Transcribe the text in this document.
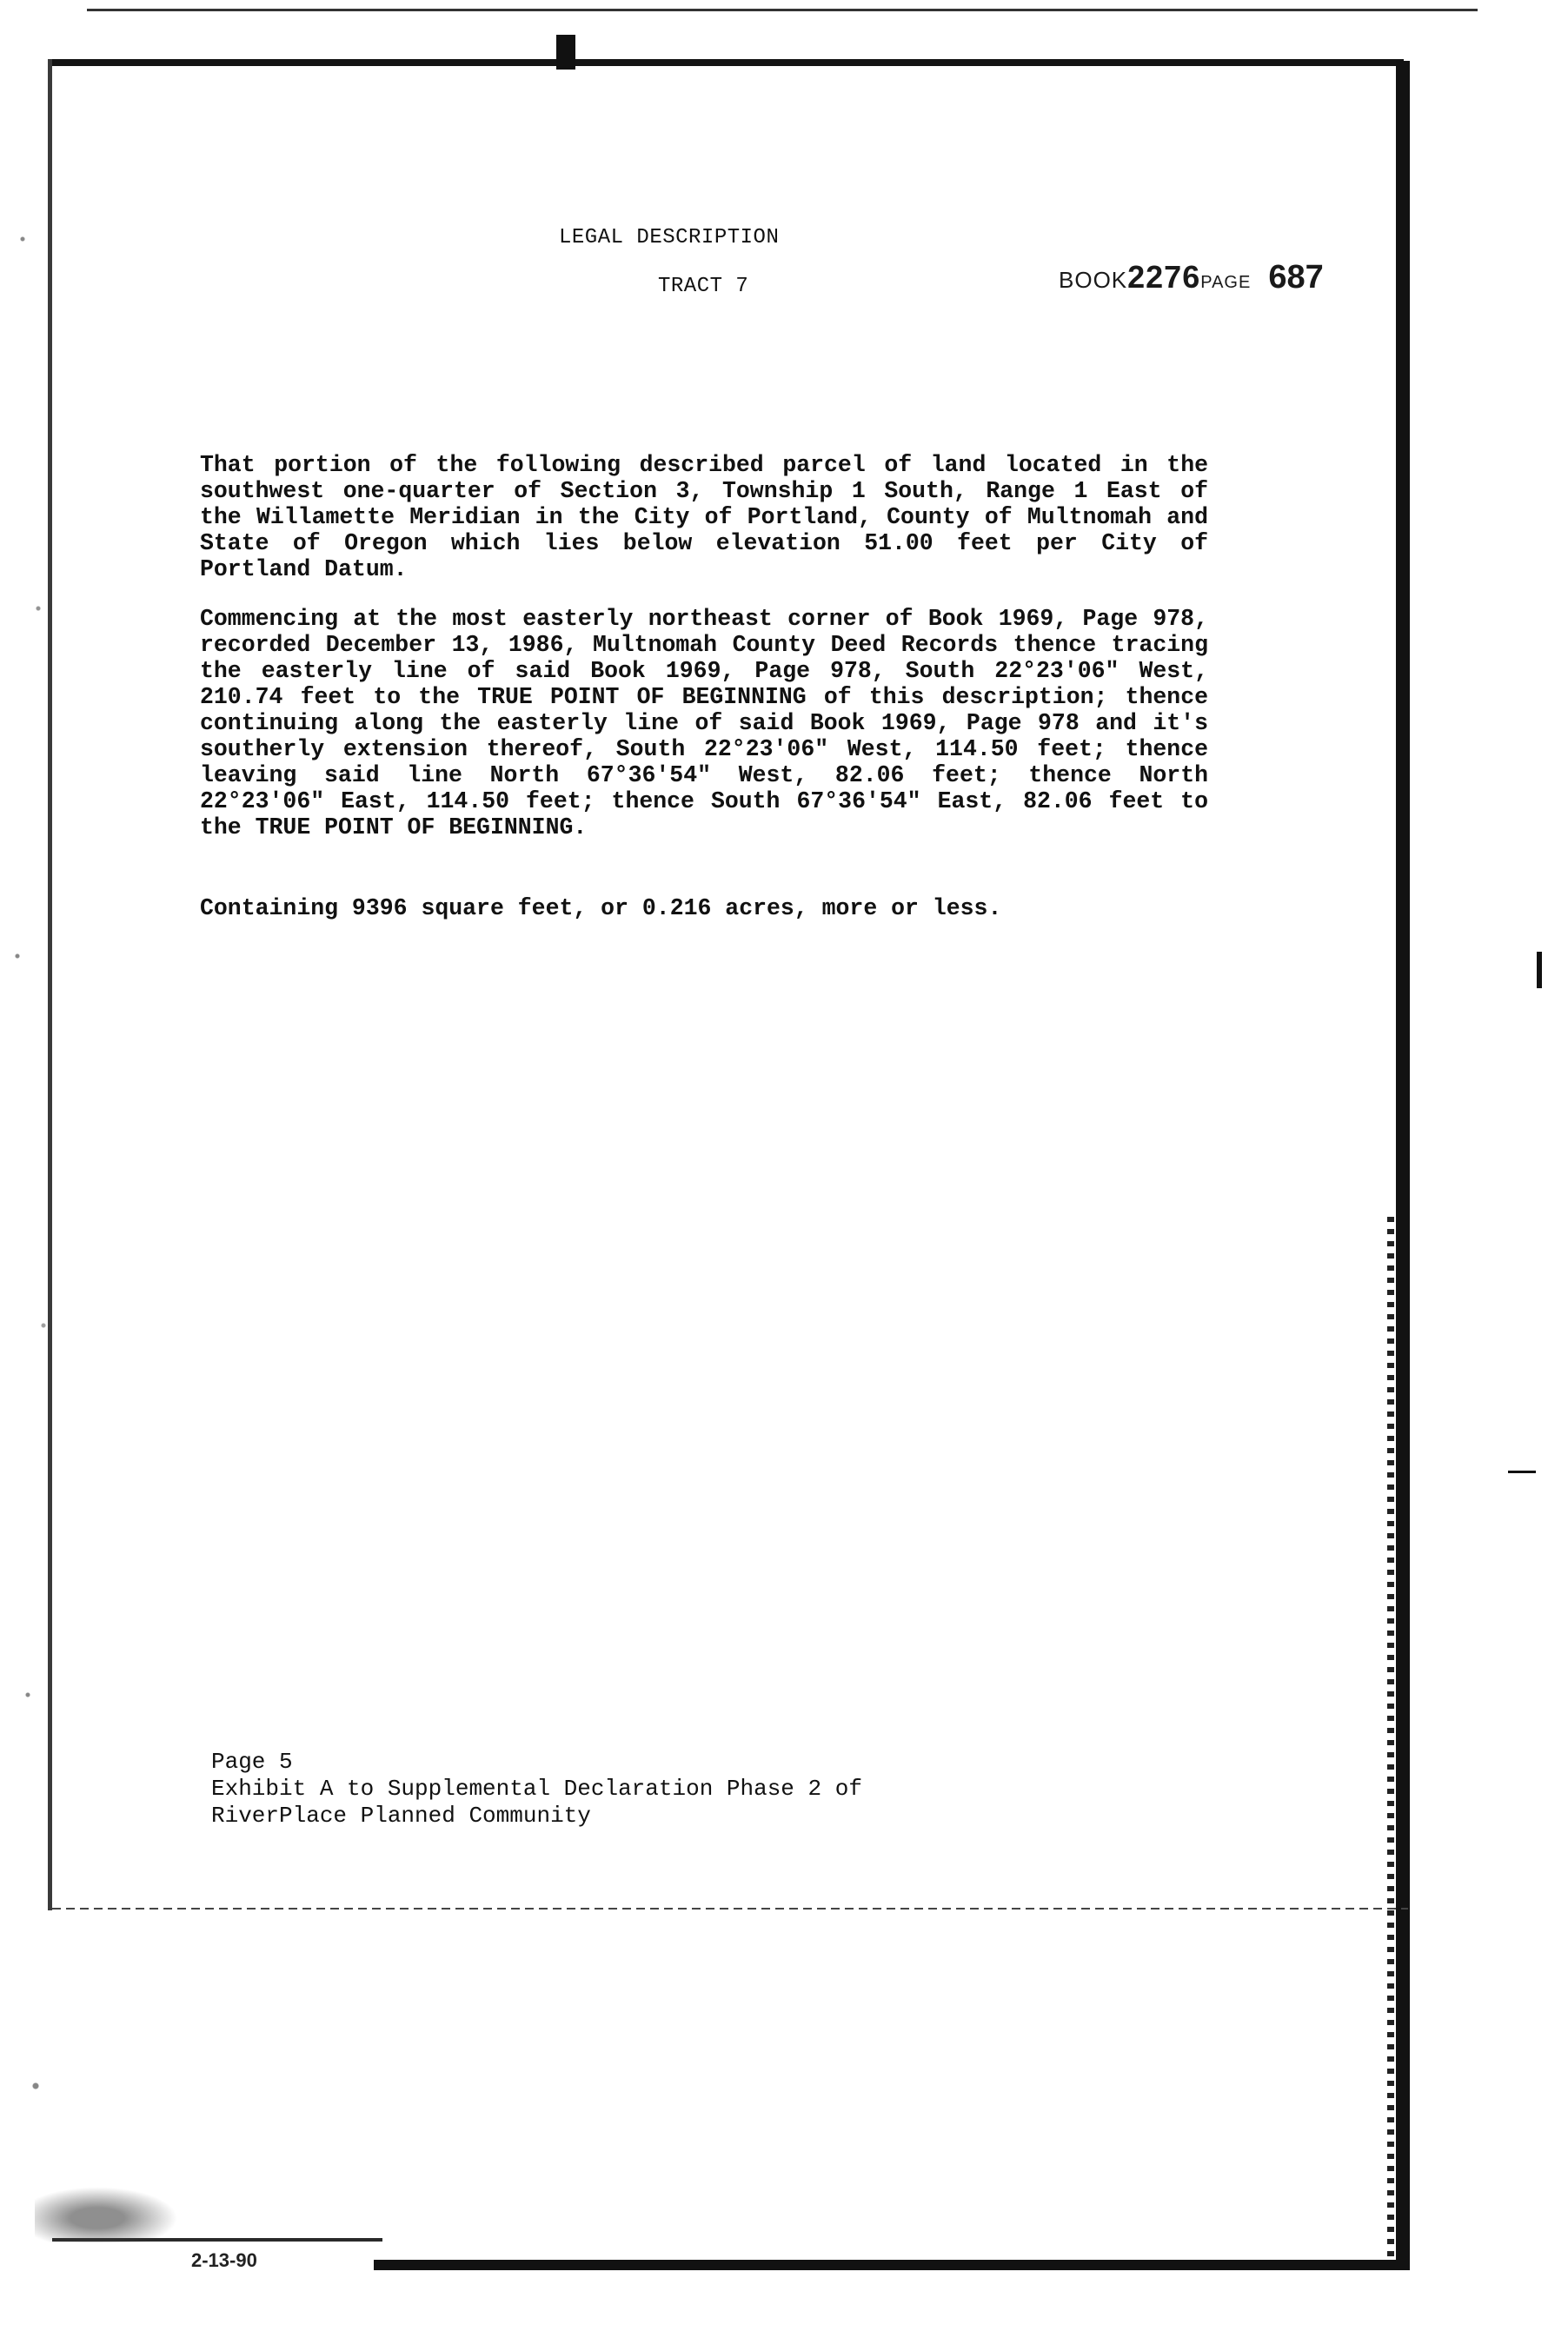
LEGAL DESCRIPTION
TRACT 7	BOOK2276PAGE 687
That portion of the following described parcel of land located in the southwest one-quarter of Section 3, Township 1 South, Range 1 East of the Willamette Meridian in the City of Portland, County of Multnomah and State of Oregon which lies below elevation 51.00 feet per City of Portland Datum.
Commencing at the most easterly northeast corner of Book 1969, Page 978, recorded December 13, 1986, Multnomah County Deed Records thence tracing the easterly line of said Book 1969, Page 978, South 22°23'06" West, 210.74 feet to the TRUE POINT OF BEGINNING of this description; thence continuing along the easterly line of said Book 1969, Page 978 and it's southerly extension thereof, South 22°23'06" West, 114.50 feet; thence leaving said line North 67°36'54" West, 82.06 feet; thence North 22°23'06" East, 114.50 feet; thence South 67°36'54" East, 82.06 feet to the TRUE POINT OF BEGINNING.
Containing 9396 square feet, or 0.216 acres, more or less.
Page 5
Exhibit A to Supplemental Declaration Phase 2 of
RiverPlace Planned Community
2-13-90
